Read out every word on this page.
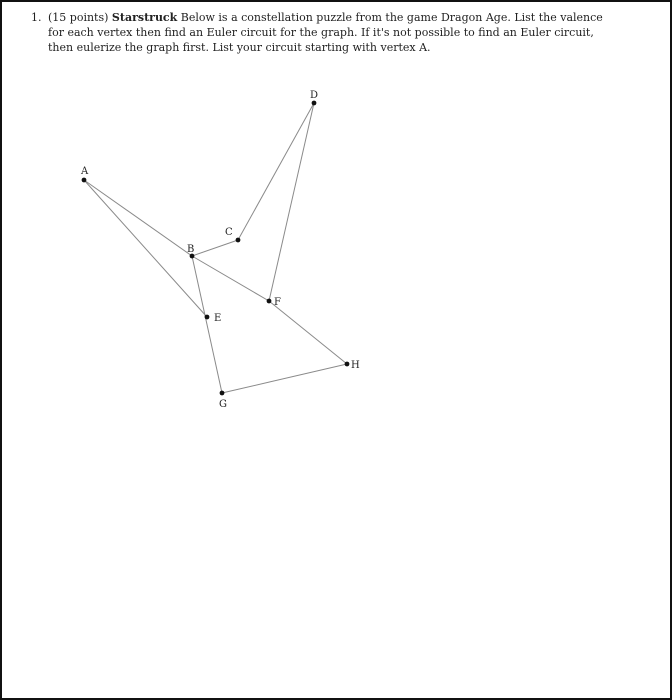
1. (15 points) Starstruck Below is a constellation puzzle from the game Dragon Age. List the valence for each vertex then find an Euler circuit for the graph. If it's not possible to find an Euler circuit, then eulerize the graph first. List your circuit starting with vertex A.
A
B
C
D
E
F
G
H
